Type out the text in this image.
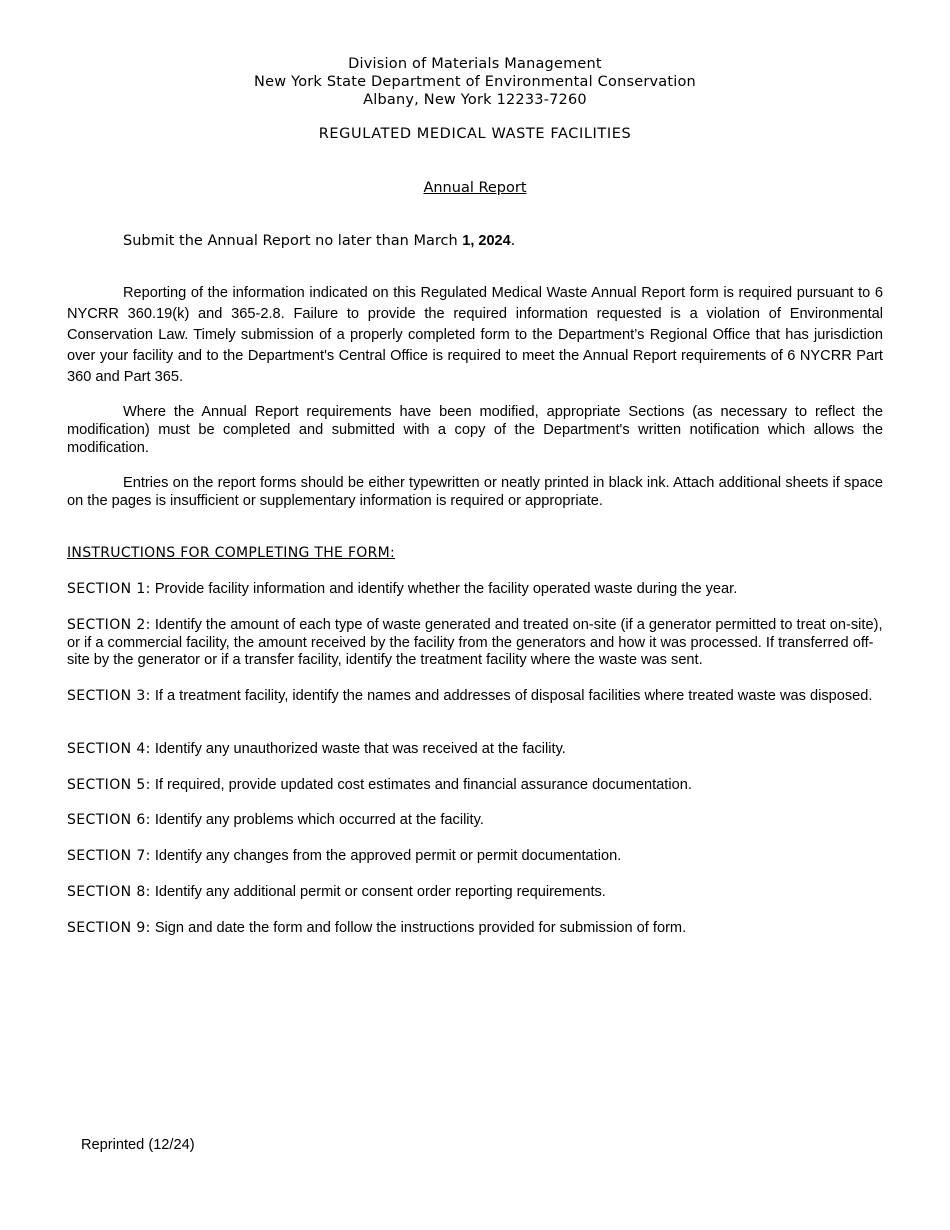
Division of Materials Management
New York State Department of Environmental Conservation
Albany, New York 12233-7260
REGULATED MEDICAL WASTE FACILITIES
Annual Report
Submit the Annual Report no later than March 1, 2024.
Reporting of the information indicated on this Regulated Medical Waste Annual Report form is required pursuant to 6 NYCRR 360.19(k) and 365-2.8. Failure to provide the required information requested is a violation of Environmental Conservation Law. Timely submission of a properly completed form to the Department’s Regional Office that has jurisdiction over your facility and to the Department's Central Office is required to meet the Annual Report requirements of 6 NYCRR Part 360 and Part 365.
Where the Annual Report requirements have been modified, appropriate Sections (as necessary to reflect the modification) must be completed and submitted with a copy of the Department's written notification which allows the modification.
Entries on the report forms should be either typewritten or neatly printed in black ink. Attach additional sheets if space on the pages is insufficient or supplementary information is required or appropriate.
INSTRUCTIONS FOR COMPLETING THE FORM:
SECTION 1: Provide facility information and identify whether the facility operated waste during the year.
SECTION 2: Identify the amount of each type of waste generated and treated on-site (if a generator permitted to treat on-site), or if a commercial facility, the amount received by the facility from the generators and how it was processed. If transferred off-site by the generator or if a transfer facility, identify the treatment facility where the waste was sent.
SECTION 3: If a treatment facility, identify the names and addresses of disposal facilities where treated waste was disposed.
SECTION 4: Identify any unauthorized waste that was received at the facility.
SECTION 5: If required, provide updated cost estimates and financial assurance documentation.
SECTION 6: Identify any problems which occurred at the facility.
SECTION 7: Identify any changes from the approved permit or permit documentation.
SECTION 8: Identify any additional permit or consent order reporting requirements.
SECTION 9: Sign and date the form and follow the instructions provided for submission of form.
Reprinted (12/24)
